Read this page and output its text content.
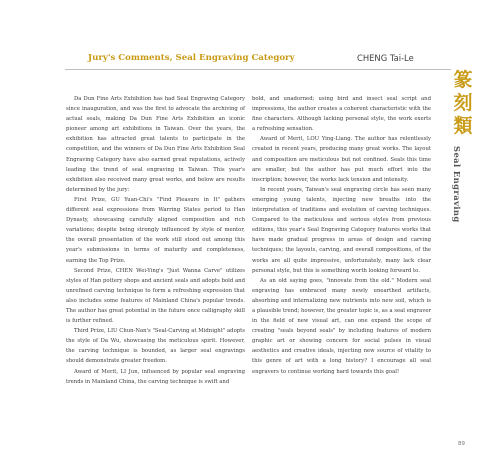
Jury's Comments, Seal Engraving Category	CHENG Tai-Le
篆
刻
類
Seal Engraving

Da Dun Fine Arts Exhibition has had Seal Engraving Category since inauguration, and was the first to advocate the archiving of actual seals, making Da Dun Fine Arts Exhibition an iconic pioneer among art exhibitions in Taiwan. Over the years, the exhibition has attracted great talents to participate in the competition, and the winners of Da Dun Fine Arts Exhibition Seal Engraving Category have also earned great reputations, actively leading the trend of seal engraving in Taiwan. This year's exhibition also received many great works, and below are results determined by the jury:

First Prize, GU Yuan-Chi's "Find Pleasure in It" gathers different seal expressions from Warring States period to Han Dynasty, showcasing carefully aligned composition and rich variations; despite being strongly influenced by style of mentor, the overall presentation of the work still stood out among this year's submissions in terms of maturity and completeness, earning the Top Prize.

Second Prize, CHEN Wei-Ying's "Just Wanna Carve" utilizes styles of Han pottery shops and ancient seals and adopts bold and unrefined carving technique to form a refreshing expression that also includes some features of Mainland China's popular trends. The author has great potential in the future once calligraphy skill is further refined.

Third Prize, LIU Chun-Nan's "Seal-Carving at Midnight" adopts the style of Da Wu, showcasing the meticulous spirit. However, the carving technique is bounded, as larger seal engravings should demonstrate greater freedom.

Award of Merit, LI Jun, influenced by popular seal engraving trends in Mainland China, the carving technique is swift and

bold, and unadorned; using bird and insect seal script and impressions, the author creates a coherent characteristic with the fine characters. Although lacking personal style, the work exerts a refreshing sensation.

Award of Merit, LOU Ying-Liang. The author has relentlessly created in recent years, producing many great works. The layout and composition are meticulous but not confined. Seals this time are smaller, but the author has put much effort into the inscription; however, the works lack tension and intensity.

In recent years, Taiwan's seal engraving circle has seen many emerging young talents, injecting new breaths into the interpretation of traditions and evolution of carving techniques. Compared to the meticulous and serious styles from previous editions, this year's Seal Engraving Category features works that have made gradual progress in areas of design and carving techniques; the layouts, carving, and overall compositions, of the works are all quite impressive, unfortunately, many lack clear personal style, but this is something worth looking forward to.

As an old saying goes, "innovate from the old." Modern seal engraving has embraced many newly unearthed artifacts, absorbing and internalizing new nutrients into new soil, which is a plausible trend; however, the greater topic is, as a seal engraver in the field of new visual art, can one expand the scope of creating "seals beyond seals" by including features of modern graphic art or showing concern for social pulses in visual aesthetics and creative ideals, injecting new source of vitality to this genre of art with a long history? I encourage all seal engravers to continue working hard towards this goal!

89
